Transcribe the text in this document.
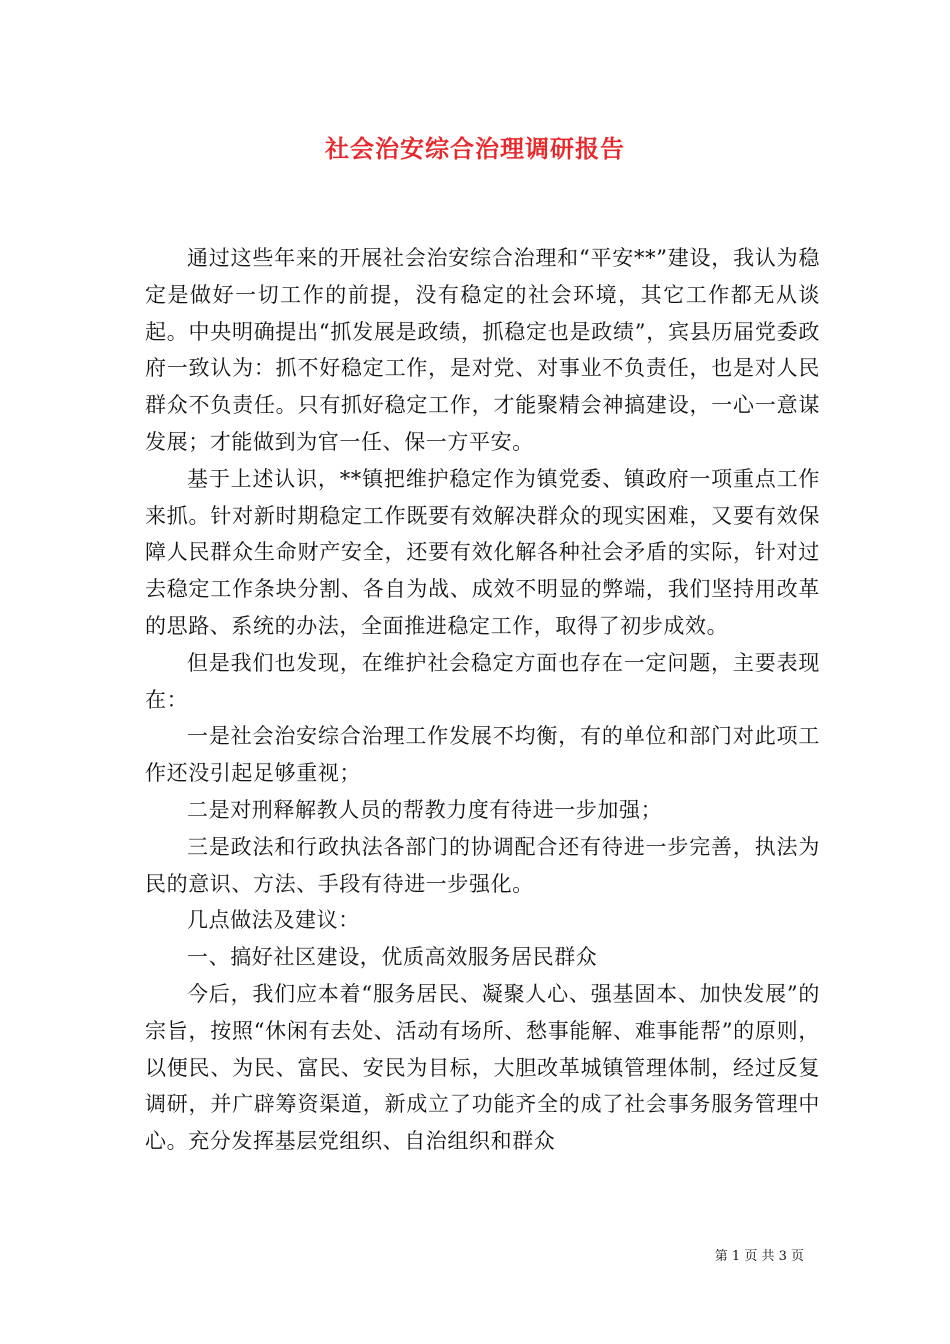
社会治安综合治理调研报告

通过这些年来的开展社会治安综合治理和“平安**”建设，我认为稳定是做好一切工作的前提，没有稳定的社会环境，其它工作都无从谈起。中央明确提出“抓发展是政绩，抓稳定也是政绩”，宾县历届党委政府一致认为：抓不好稳定工作，是对党、对事业不负责任，也是对人民群众不负责任。只有抓好稳定工作，才能聚精会神搞建设，一心一意谋发展；才能做到为官一任、保一方平安。

基于上述认识，**镇把维护稳定作为镇党委、镇政府一项重点工作来抓。针对新时期稳定工作既要有效解决群众的现实困难，又要有效保障人民群众生命财产安全，还要有效化解各种社会矛盾的实际，针对过去稳定工作条块分割、各自为战、成效不明显的弊端，我们坚持用改革的思路、系统的办法，全面推进稳定工作，取得了初步成效。

但是我们也发现，在维护社会稳定方面也存在一定问题，主要表现在：

一是社会治安综合治理工作发展不均衡，有的单位和部门对此项工作还没引起足够重视；

二是对刑释解教人员的帮教力度有待进一步加强；

三是政法和行政执法各部门的协调配合还有待进一步完善，执法为民的意识、方法、手段有待进一步强化。

几点做法及建议：

一、搞好社区建设，优质高效服务居民群众

今后，我们应本着“服务居民、凝聚人心、强基固本、加快发展”的宗旨，按照“休闲有去处、活动有场所、愁事能解、难事能帮”的原则，以便民、为民、富民、安民为目标，大胆改革城镇管理体制，经过反复调研，并广辟筹资渠道，新成立了功能齐全的成了社会事务服务管理中心。充分发挥基层党组织、自治组织和群众

第 1 页 共 3 页
